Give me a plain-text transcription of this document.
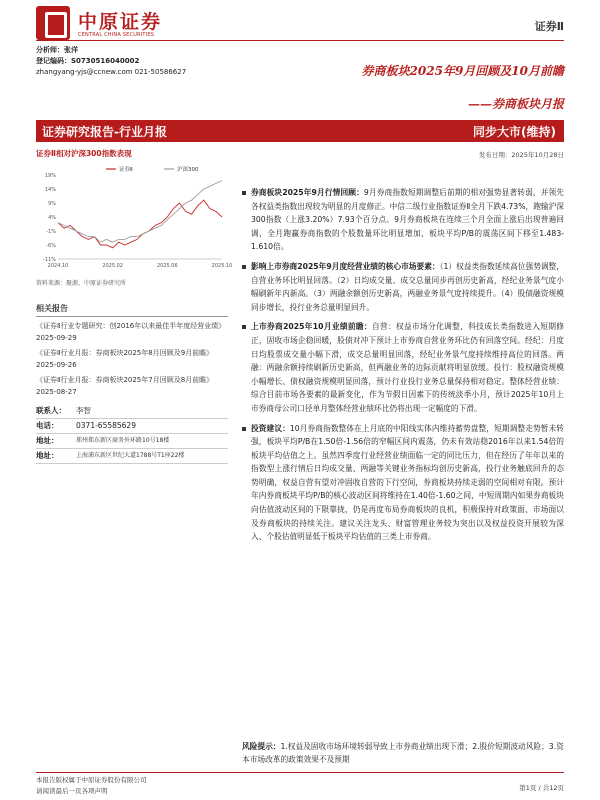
中原证券
CENTRAL CHINA SECURITIES
证券Ⅱ
分析师：张洋
登记编码：S0730516040002
zhangyang-yjs@ccnew.com 021-50586627	券商板块2025年9月回顾及10月前瞻
——券商板块月报
证券研究报告-行业月报	同步大市(维持)
证券Ⅱ相对沪深300指数表现	发布日期：2025年10月28日
19%
14%
9%
4%
-1%
-6%
-11%
2024.10	2025.02	2025.06	2025.10
证券Ⅱ	沪深300
资料来源：聚源、中原证券研究所
相关报告
《证券Ⅱ行业专题研究：创2016年以来最佳半年度经营业绩》 2025-09-29
《证券Ⅱ行业月报：券商板块2025年8月回顾及9月前瞻》 2025-09-26
《证券Ⅱ行业月报：券商板块2025年7月回顾及8月前瞻》 2025-08-27
联系人：	李智
电话：	0371-65585629
地址：	郑州郑东新区商务外环路10号18楼
地址：	上海浦东新区世纪大道1788号T1座22楼
券商板块2025年9月行情回顾：9月券商指数短期调整后前期的相对强势显著转弱，并领先各权益类指数出现较为明显的月度修正。中信二级行业指数证券Ⅱ全月下跌4.73%，跑输沪深300指数（上涨3.20%）7.93个百分点。9月券商板块在连续三个月全面上涨后出现普遍回调，全月跑赢券商指数的个股数量环比明显增加，板块平均P/B的震荡区间下移至1.483-1.610倍。
影响上市券商2025年9月度经营业绩的核心市场要素：（1）权益类指数延续高位强势调整，自营业务环比明显回落。（2）日均成交量、成交总量同步再创历史新高，经纪业务景气度小幅刷新年内新高。（3）两融余额创历史新高，两融业务景气度持续提升。（4）股债融资规模同步增长，投行业务总量明显回升。
上市券商2025年10月业绩前瞻：自营：权益市场分化调整，科技成长类指数进入短期修正，固收市场企稳回暖，股债对冲下预计上市券商自营业务环比仍有回落空间。经纪：月度日均股票成交量小幅下滑，成交总量明显回落，经纪业务景气度持续维持高位的回落。两融：两融余额持续刷新历史新高，但两融业务的边际贡献将明显放缓。投行：股权融资规模小幅增长、债权融资规模明显回落，预计行业投行业务总量保持相对稳定。整体经营业绩：综合目前市场各要素的最新变化，作为节假日因素下的传统淡季小月，预计2025年10月上市券商母公司口径单月整体经营业绩环比仍将出现一定幅度的下滑。
投资建议：10月券商指数整体在上月底的中阳线实体内维持蓄势盘整，短期调整走势暂未转强，板块平均P/B在1.50倍-1.56倍的窄幅区间内震荡，仍未有效站稳2016年以来1.54倍的板块平均估值之上。虽然四季度行业经营业绩面临一定的同比压力，但在经历了年年以来的指数型上涨行情后日均成交量、两融等关键业务指标均创历史新高，投行业务触底回升的态势明确，权益自营有望对冲固收自营的下行空间，券商板块持续走弱的空间相对有限。预计年内券商板块平均P/B的核心波动区间将维持在1.40倍-1.60之间，中短周期内如果券商板块向估值波动区间的下限靠拢，仍是再度布局券商板块的良机，积极保持对政策面、市场面以及券商板块的持续关注。建议关注龙头、财富管理业务较为突出以及权益投资开展较为深入、个股估值明显低于板块平均估值的三类上市券商。
风险提示：1.权益及固收市场环境转弱导致上市券商业绩出现下滑；2.股价短期波动风险；3.资本市场改革的政策效果不及预期
本报告版权属于中原证券股份有限公司
请阅读最后一页各项声明	第1页 / 共12页
